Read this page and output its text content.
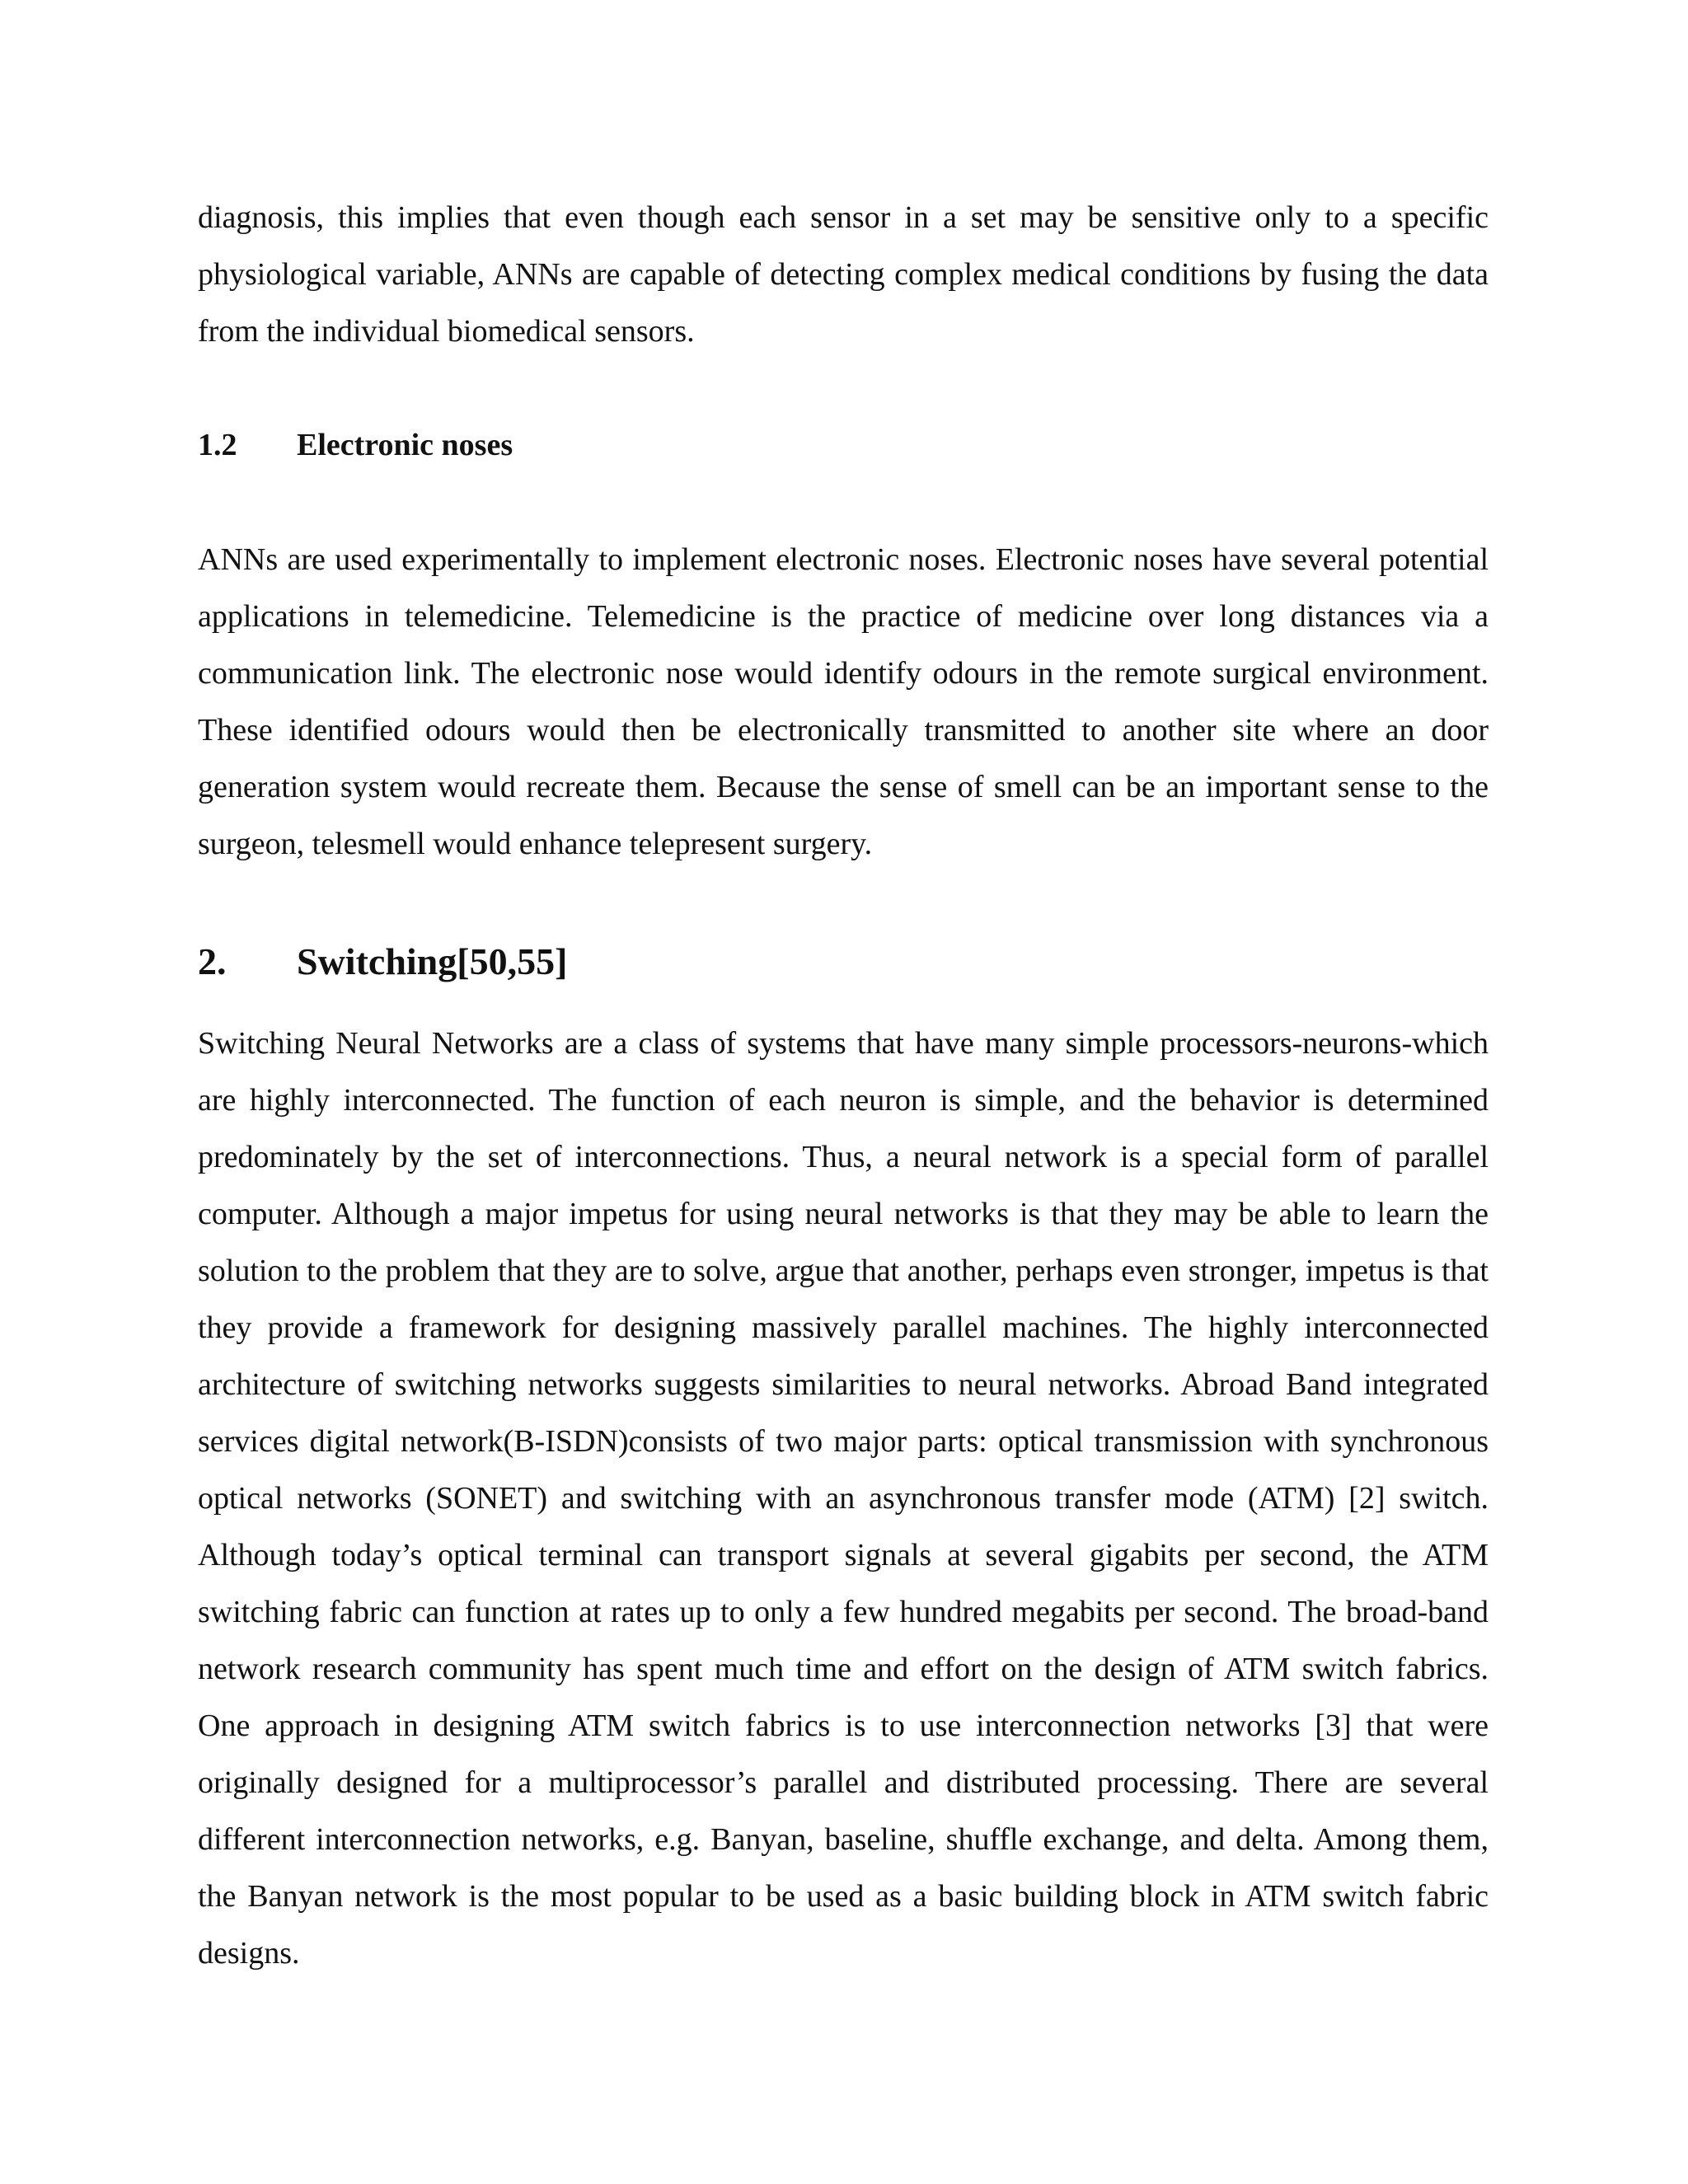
diagnosis, this implies that even though each sensor in a set may be sensitive only to a specific physiological variable, ANNs are capable of detecting complex medical conditions by fusing the data from the individual biomedical sensors.

1.2 Electronic noses

ANNs are used experimentally to implement electronic noses. Electronic noses have several potential applications in telemedicine. Telemedicine is the practice of medicine over long distances via a communication link. The electronic nose would identify odours in the remote surgical environment. These identified odours would then be electronically transmitted to another site where an door generation system would recreate them. Because the sense of smell can be an important sense to the surgeon, telesmell would enhance telepresent surgery.

2. Switching[50,55]

Switching Neural Networks are a class of systems that have many simple processors-neurons-which are highly interconnected. The function of each neuron is simple, and the behavior is determined predominately by the set of interconnections. Thus, a neural network is a special form of parallel computer. Although a major impetus for using neural networks is that they may be able to learn the solution to the problem that they are to solve, argue that another, perhaps even stronger, impetus is that they provide a framework for designing massively parallel machines. The highly interconnected architecture of switching networks suggests similarities to neural networks. Abroad Band integrated services digital network(B-ISDN)consists of two major parts: optical transmission with synchronous optical networks (SONET) and switching with an asynchronous transfer mode (ATM) [2] switch. Although today’s optical terminal can transport signals at several gigabits per second, the ATM switching fabric can function at rates up to only a few hundred megabits per second. The broad-band network research community has spent much time and effort on the design of ATM switch fabrics. One approach in designing ATM switch fabrics is to use interconnection networks [3] that were originally designed for a multiprocessor’s parallel and distributed processing. There are several different interconnection networks, e.g. Banyan, baseline, shuffle exchange, and delta. Among them, the Banyan network is the most popular to be used as a basic building block in ATM switch fabric designs.
